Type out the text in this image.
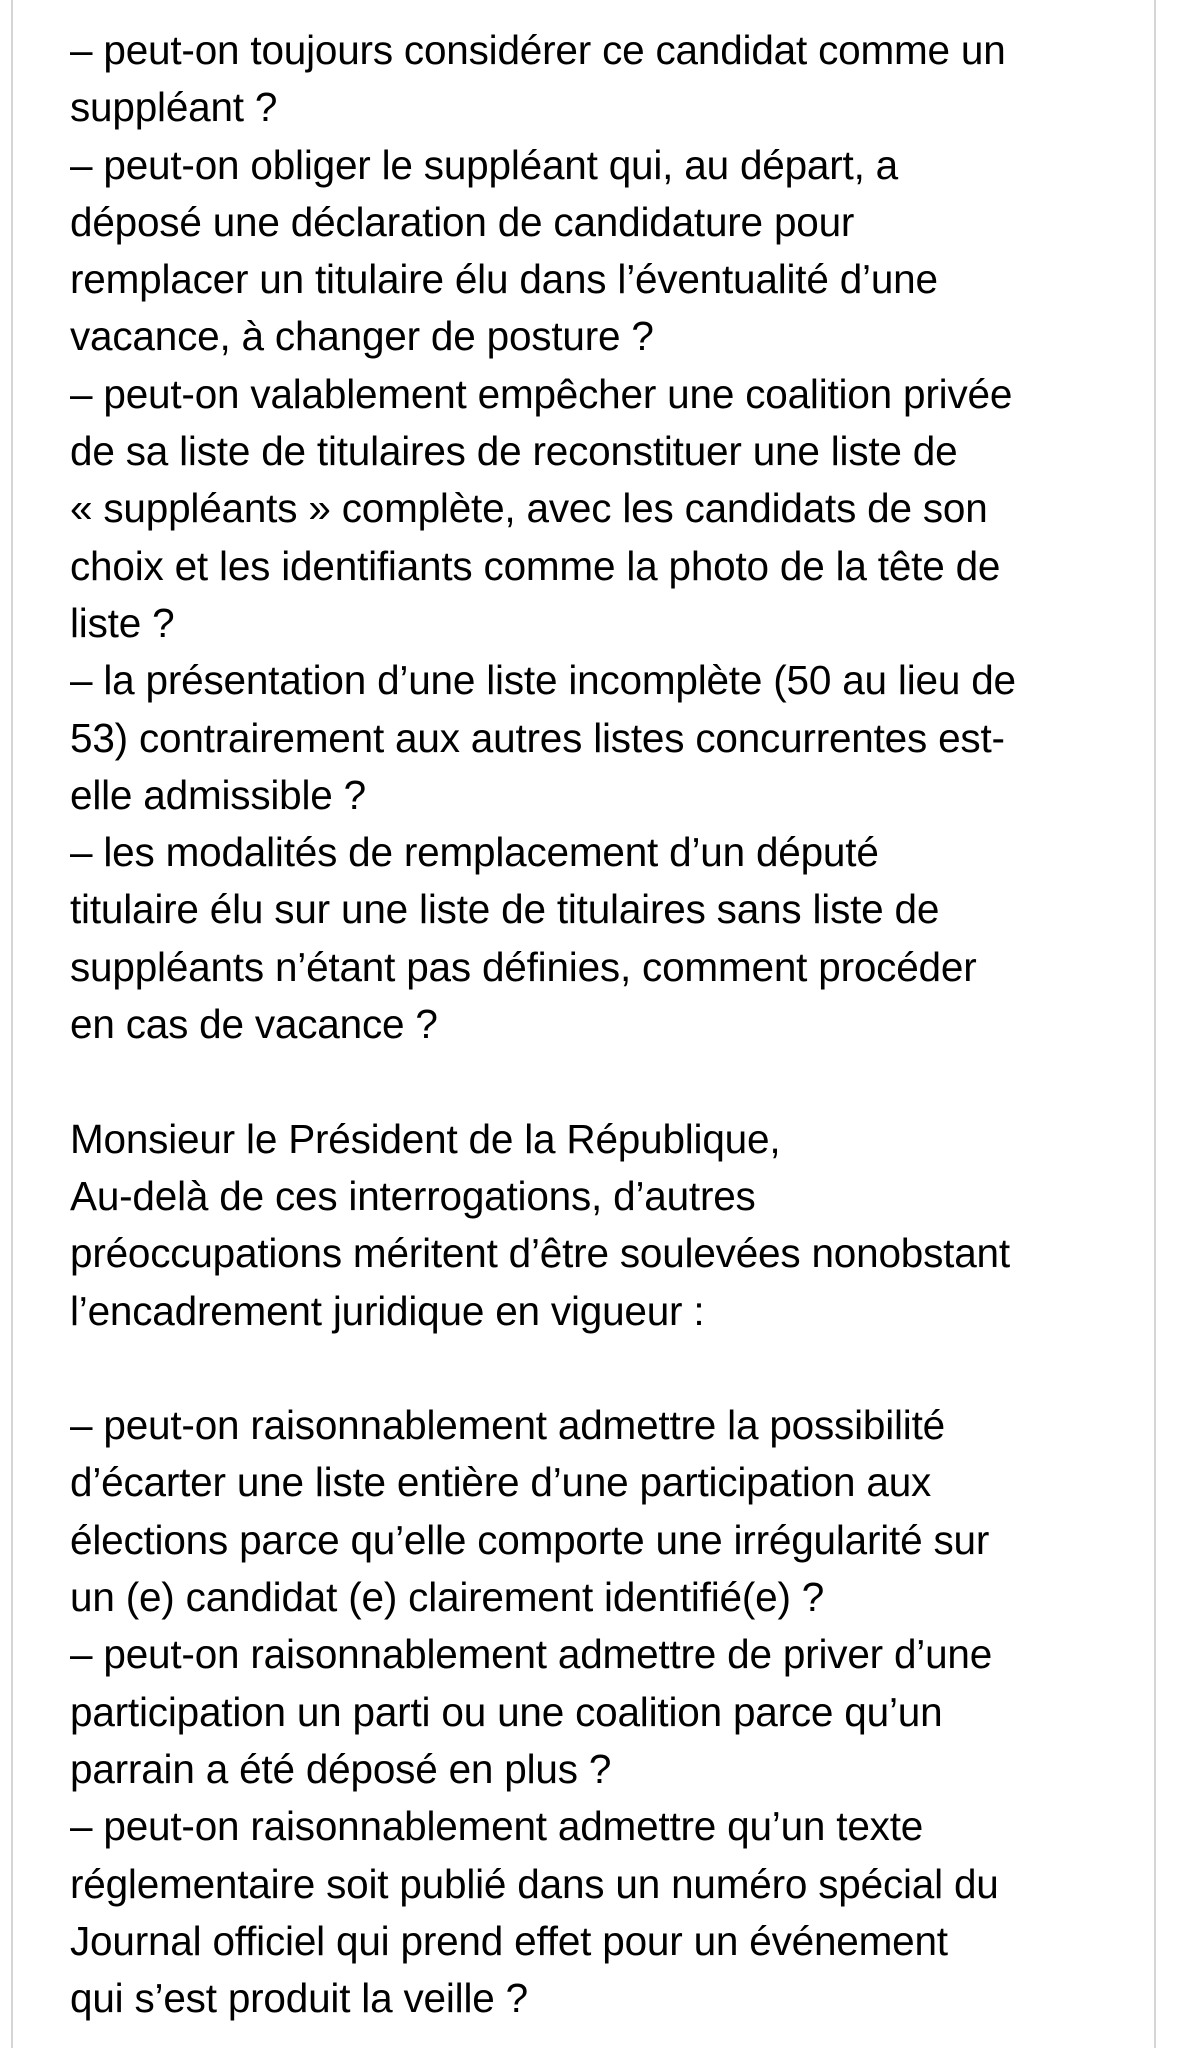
– peut-on toujours considérer ce candidat comme un
suppléant ?
– peut-on obliger le suppléant qui, au départ, a
déposé une déclaration de candidature pour
remplacer un titulaire élu dans l’éventualité d’une
vacance, à changer de posture ?
– peut-on valablement empêcher une coalition privée
de sa liste de titulaires de reconstituer une liste de
« suppléants » complète, avec les candidats de son
choix et les identifiants comme la photo de la tête de
liste ?
– la présentation d’une liste incomplète (50 au lieu de
53) contrairement aux autres listes concurrentes est-
elle admissible ?
– les modalités de remplacement d’un député
titulaire élu sur une liste de titulaires sans liste de
suppléants n’étant pas définies, comment procéder
en cas de vacance ?
Monsieur le Président de la République,
Au-delà de ces interrogations, d’autres
préoccupations méritent d’être soulevées nonobstant
l’encadrement juridique en vigueur :
– peut-on raisonnablement admettre la possibilité
d’écarter une liste entière d’une participation aux
élections parce qu’elle comporte une irrégularité sur
un (e) candidat (e) clairement identifié(e) ?
– peut-on raisonnablement admettre de priver d’une
participation un parti ou une coalition parce qu’un
parrain a été déposé en plus ?
– peut-on raisonnablement admettre qu’un texte
réglementaire soit publié dans un numéro spécial du
Journal officiel qui prend effet pour un événement
qui s’est produit la veille ?
